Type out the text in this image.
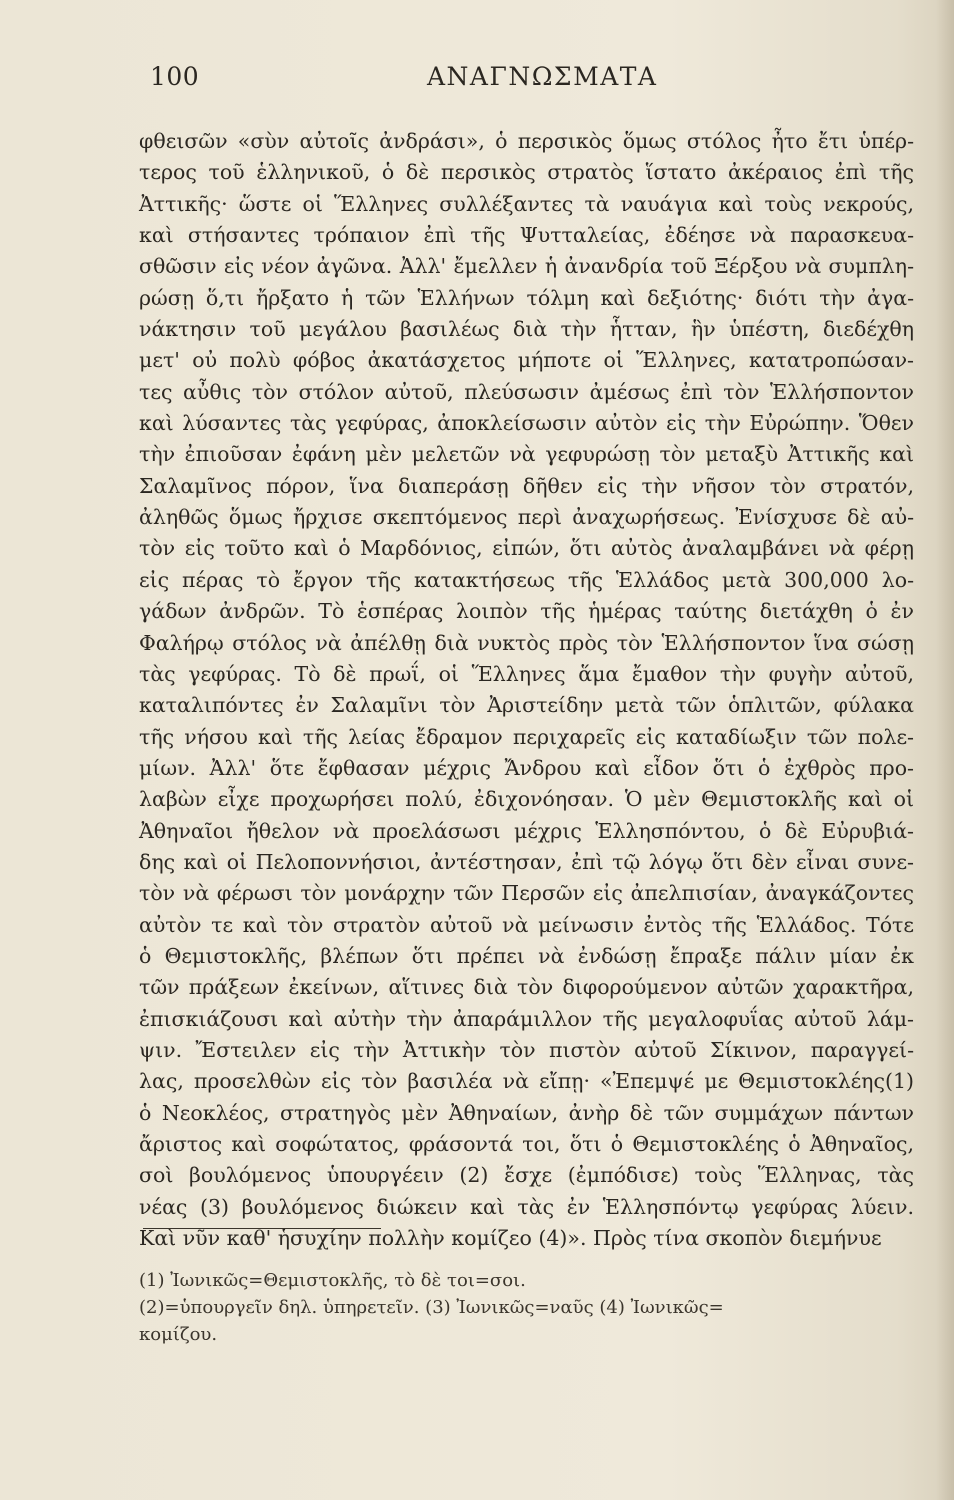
100	ΑΝΑΓΝΩΣΜΑΤΑ
φθεισῶν «σὺν αὐτοῖς ἀνδράσι», ὁ περσικὸς ὅμως στόλος ἦτο ἔτι ὑπέρ-
τερος τοῦ ἑλληνικοῦ, ὁ δὲ περσικὸς στρατὸς ἵστατο ἀκέραιος ἐπὶ τῆς
Ἀττικῆς· ὥστε οἱ Ἕλληνες συλλέξαντες τὰ ναυάγια καὶ τοὺς νεκρούς,
καὶ στήσαντες τρόπαιον ἐπὶ τῆς Ψυτταλείας, ἐδέησε νὰ παρασκευα-
σθῶσιν εἰς νέον ἀγῶνα. Ἀλλ' ἔμελλεν ἡ ἀνανδρία τοῦ Ξέρξου νὰ συμπλη-
ρώσῃ ὅ,τι ἤρξατο ἡ τῶν Ἑλλήνων τόλμη καὶ δεξιότης· διότι τὴν ἀγα-
νάκτησιν τοῦ μεγάλου βασιλέως διὰ τὴν ἧτταν, ἣν ὑπέστη, διεδέχθη
μετ' οὐ πολὺ φόβος ἀκατάσχετος μήποτε οἱ Ἕλληνες, κατατροπώσαν-
τες αὖθις τὸν στόλον αὐτοῦ, πλεύσωσιν ἀμέσως ἐπὶ τὸν Ἑλλήσποντον
καὶ λύσαντες τὰς γεφύρας, ἀποκλείσωσιν αὐτὸν εἰς τὴν Εὐρώπην. Ὅθεν
τὴν ἐπιοῦσαν ἐφάνη μὲν μελετῶν νὰ γεφυρώσῃ τὸν μεταξὺ Ἀττικῆς καὶ
Σαλαμῖνος πόρον, ἵνα διαπεράσῃ δῆθεν εἰς τὴν νῆσον τὸν στρατόν,
ἀληθῶς ὅμως ἤρχισε σκεπτόμενος περὶ ἀναχωρήσεως. Ἐνίσχυσε δὲ αὐ-
τὸν εἰς τοῦτο καὶ ὁ Μαρδόνιος, εἰπών, ὅτι αὐτὸς ἀναλαμβάνει νὰ φέρῃ
εἰς πέρας τὸ ἔργον τῆς κατακτήσεως τῆς Ἑλλάδος μετὰ 300,000 λο-
γάδων ἀνδρῶν. Τὸ ἑσπέρας λοιπὸν τῆς ἡμέρας ταύτης διετάχθη ὁ ἐν
Φαλήρῳ στόλος νὰ ἀπέλθῃ διὰ νυκτὸς πρὸς τὸν Ἑλλήσποντον ἵνα σώσῃ
τὰς γεφύρας. Τὸ δὲ πρωΐ, οἱ Ἕλληνες ἅμα ἔμαθον τὴν φυγὴν αὐτοῦ,
καταλιπόντες ἐν Σαλαμῖνι τὸν Ἀριστείδην μετὰ τῶν ὁπλιτῶν, φύλακα
τῆς νήσου καὶ τῆς λείας ἔδραμον περιχαρεῖς εἰς καταδίωξιν τῶν πολε-
μίων. Ἀλλ' ὅτε ἔφθασαν μέχρις Ἄνδρου καὶ εἶδον ὅτι ὁ ἐχθρὸς προ-
λαβὼν εἶχε προχωρήσει πολύ, ἐδιχονόησαν. Ὁ μὲν Θεμιστοκλῆς καὶ οἱ
Ἀθηναῖοι ἤθελον νὰ προελάσωσι μέχρις Ἑλλησπόντου, ὁ δὲ Εὐρυβιά-
δης καὶ οἱ Πελοποννήσιοι, ἀντέστησαν, ἐπὶ τῷ λόγῳ ὅτι δὲν εἶναι συνε-
τὸν νὰ φέρωσι τὸν μονάρχην τῶν Περσῶν εἰς ἀπελπισίαν, ἀναγκάζοντες
αὐτὸν τε καὶ τὸν στρατὸν αὐτοῦ νὰ μείνωσιν ἐντὸς τῆς Ἑλλάδος. Τότε
ὁ Θεμιστοκλῆς, βλέπων ὅτι πρέπει νὰ ἐνδώσῃ ἔπραξε πάλιν μίαν ἐκ
τῶν πράξεων ἐκείνων, αἵτινες διὰ τὸν διφορούμενον αὐτῶν χαρακτῆρα,
ἐπισκιάζουσι καὶ αὐτὴν τὴν ἀπαράμιλλον τῆς μεγαλοφυΐας αὐτοῦ λάμ-
ψιν. Ἔστειλεν εἰς τὴν Ἀττικὴν τὸν πιστὸν αὐτοῦ Σίκινον, παραγγεί-
λας, προσελθὼν εἰς τὸν βασιλέα νὰ εἴπῃ· «Ἐπεμψέ με Θεμιστοκλέης(1)
ὁ Νεοκλέος, στρατηγὸς μὲν Ἀθηναίων, ἀνὴρ δὲ τῶν συμμάχων πάντων
ἄριστος καὶ σοφώτατος, φράσοντά τοι, ὅτι ὁ Θεμιστοκλέης ὁ Ἀθηναῖος,
σοὶ βουλόμενος ὑπουργέειν (2) ἔσχε (ἐμπόδισε) τοὺς Ἕλληνας, τὰς
νέας (3) βουλόμενος διώκειν καὶ τὰς ἐν Ἑλλησπόντῳ γεφύρας λύειν.
Καὶ νῦν καθ' ἡσυχίην πολλὴν κομίζεο (4)». Πρὸς τίνα σκοπὸν διεμήνυε
(1) Ἰωνικῶς=Θεμιστοκλῆς, τὸ δὲ τοι=σοι.
(2)=ὑπουργεῖν δηλ. ὑπηρετεῖν. (3) Ἰωνικῶς=ναῦς (4) Ἰωνικῶς=
κομίζου.
